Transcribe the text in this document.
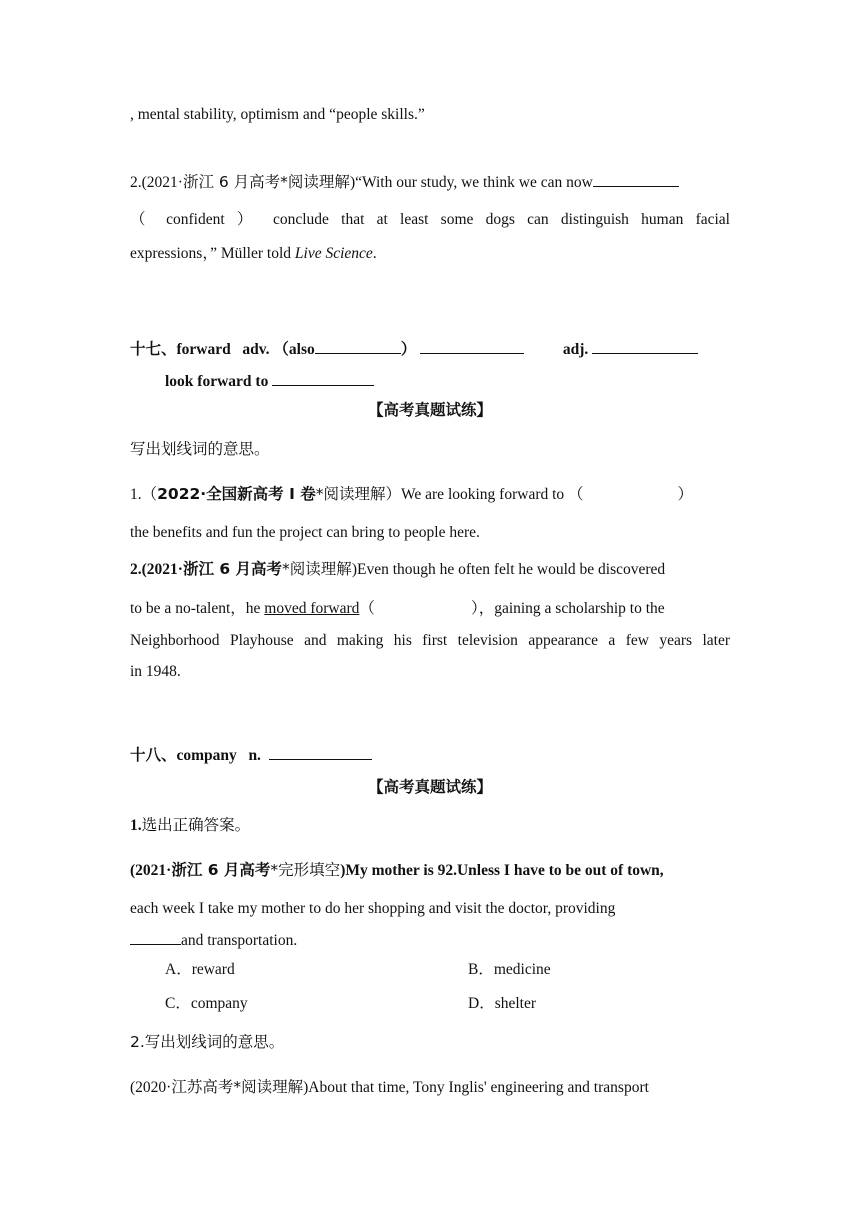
, mental stability, optimism and “people skills.”
2.(2021·浙江 6 月高考*阅读理解)“With our study, we think we can now
（ confident ） conclude that at least some dogs can distinguish human facial
expressions，” Müller told Live Science.
十七、forward adv. （also	）	adj.
look forward to
【高考真题试练】
写出划线词的意思。
1.（2022·全国新高考 I 卷*阅读理解）We are looking forward to （	）
the benefits and fun the project can bring to people here.
2.(2021·浙江 6 月高考*阅读理解)Even though he often felt he would be discovered
to be a no-talent，he moved forward（	），gaining a scholarship to the
Neighborhood Playhouse and making his first television appearance a few years later
in 1948.
十八、company n.
【高考真题试练】
1.选出正确答案。
(2021·浙江 6 月高考*完形填空)My mother is 92.Unless I have to be out of town,
each week I take my mother to do her shopping and visit the doctor, providing
and transportation.
A．reward	B．medicine
C．company	D．shelter
2.写出划线词的意思。
(2020·江苏高考*阅读理解)About that time, Tony Inglis' engineering and transport
